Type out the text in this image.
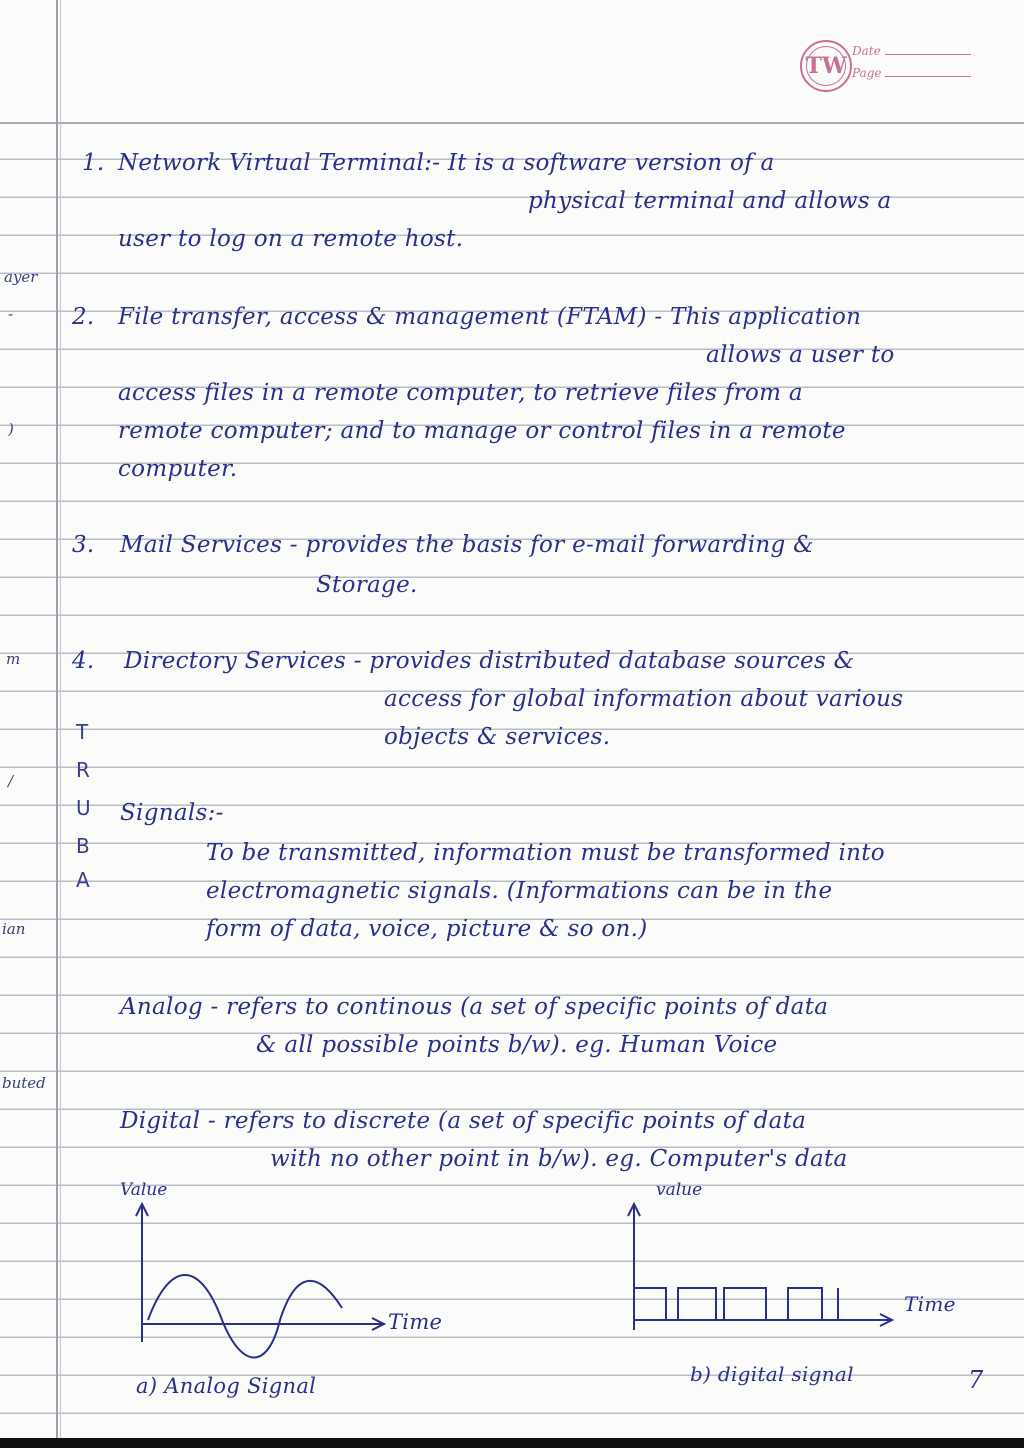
TW
Date
Page
ayer
-
)
m
/
ian
buted
T
R
U
B
A
1. Network Virtual Terminal:- It is a software version of a
physical terminal and allows a
user to log on a remote host.
2. File transfer, access & management (FTAM) - This application
allows a user to
access files in a remote computer, to retrieve files from a
remote computer; and to manage or control files in a remote
computer.
3. Mail Services - provides the basis for e-mail forwarding &
Storage.
4. Directory Services - provides distributed database sources &
access for global information about various
objects & services.
Signals:-
To be transmitted, information must be transformed into
electromagnetic signals. (Informations can be in the
form of data, voice, picture & so on.)
Analog - refers to continous (a set of specific points of data
& all possible points b/w). eg. Human Voice
Digital - refers to discrete (a set of specific points of data
with no other point in b/w). eg. Computer's data
Value
Time
a) Analog Signal
value
Time
b) digital signal	7
